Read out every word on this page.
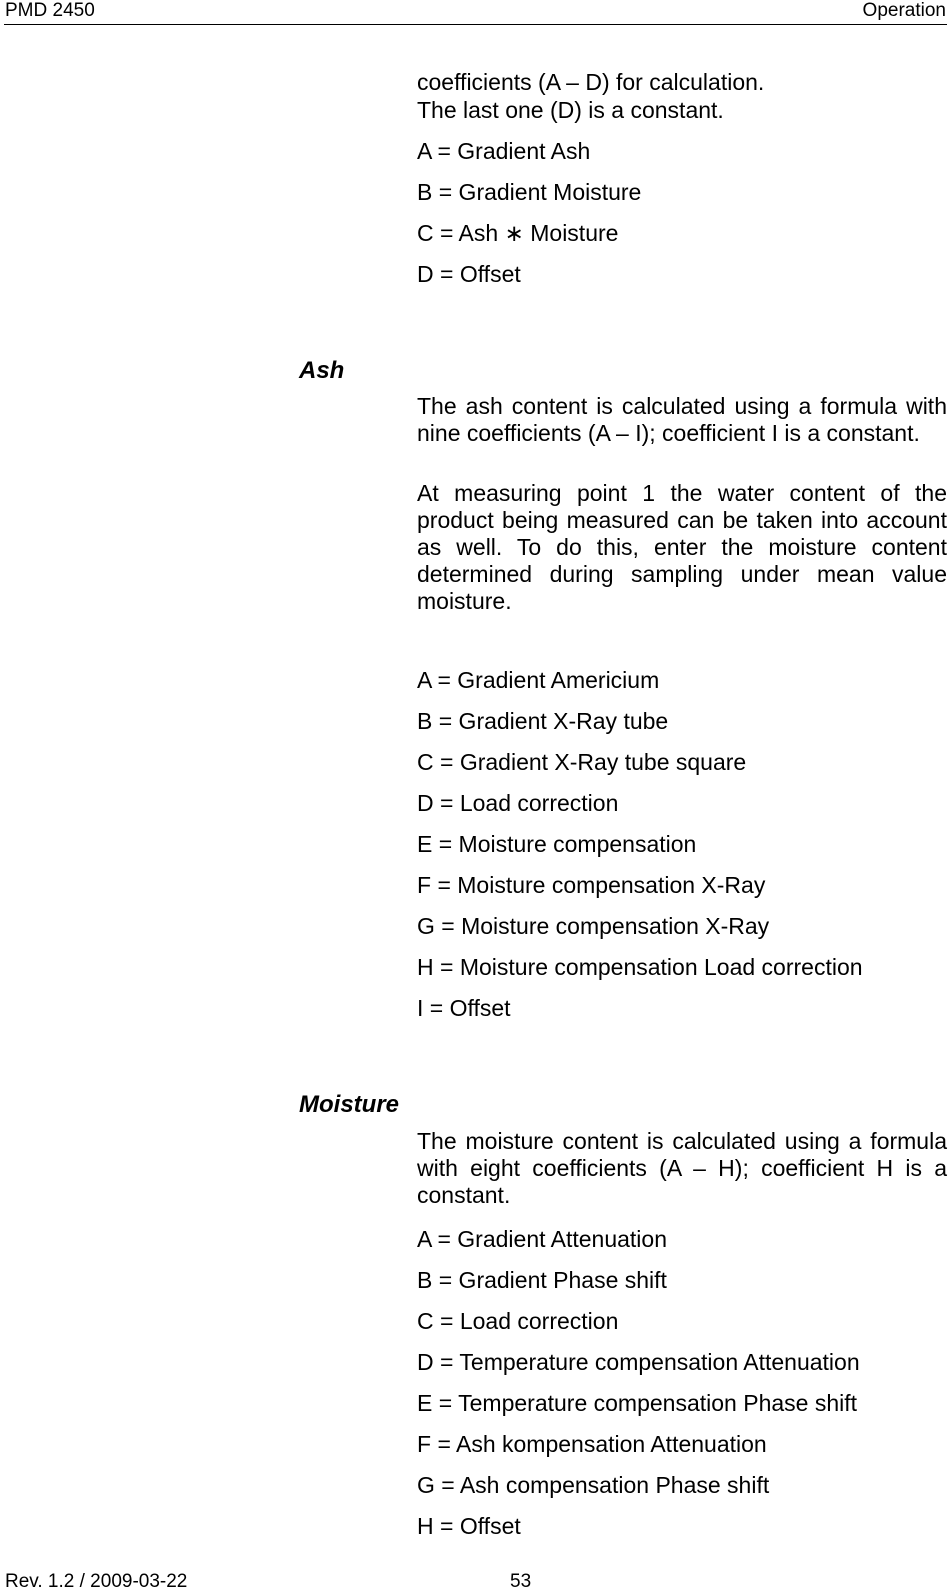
PMD 2450	Operation
coefficients (A – D) for calculation.
The last one (D) is a constant.
A = Gradient Ash
B = Gradient Moisture
C = Ash ∗ Moisture
D = Offset
Ash
The ash content is calculated using a formula with nine coefficients (A – I); coefficient I is a constant.
At measuring point 1 the water content of the product being measured can be taken into account as well. To do this, enter the moisture content determined during sampling under mean value moisture.
A = Gradient Americium
B = Gradient X-Ray tube
C = Gradient X-Ray tube square
D = Load correction
E = Moisture compensation
F = Moisture compensation X-Ray
G = Moisture compensation X-Ray
H = Moisture compensation Load correction
I = Offset
Moisture
The moisture content is calculated using a formula with eight coefficients (A – H); coefficient H is a constant.
A = Gradient Attenuation
B = Gradient Phase shift
C = Load correction
D = Temperature compensation Attenuation
E = Temperature compensation Phase shift
F = Ash kompensation Attenuation
G = Ash compensation Phase shift
H = Offset
Rev. 1.2 / 2009-03-22	53
